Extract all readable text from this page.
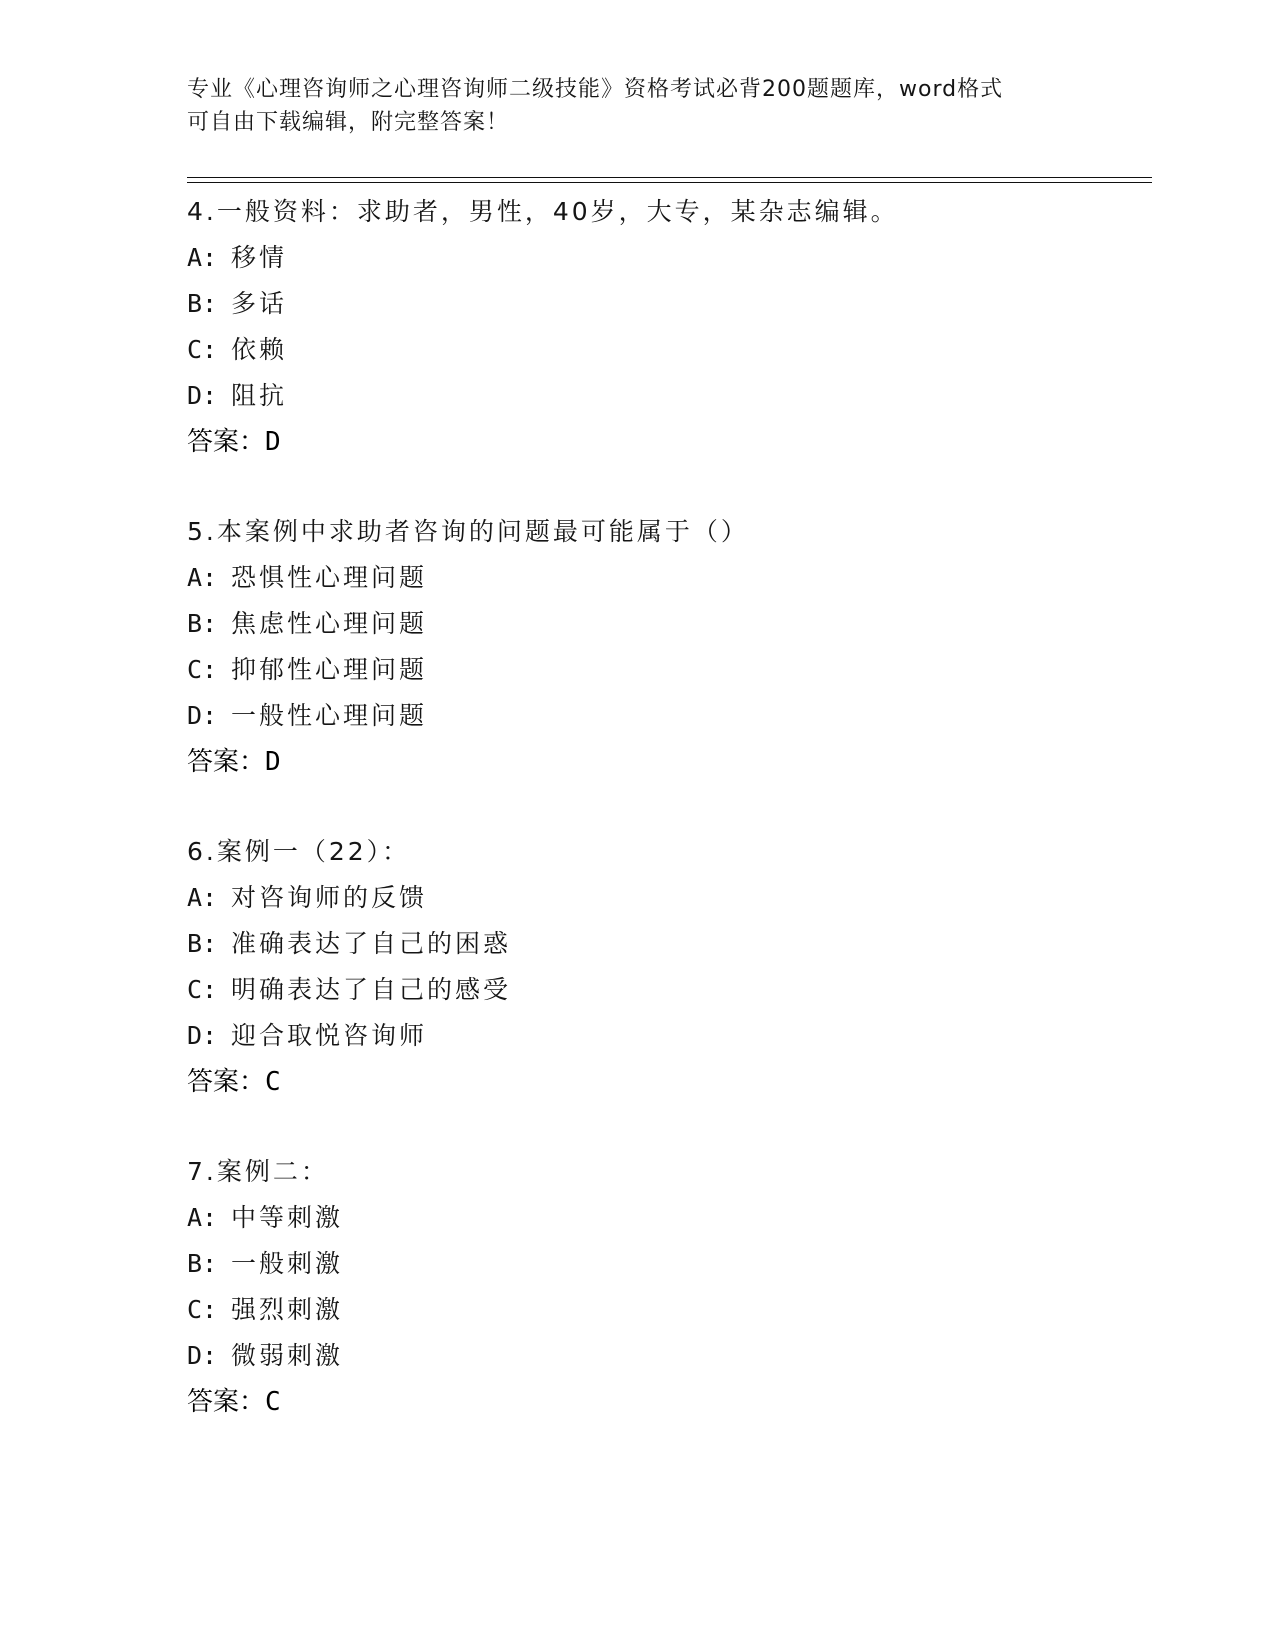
专业《心理咨询师之心理咨询师二级技能》资格考试必背200题题库，word格式
可自由下载编辑，附完整答案！
4.一般资料：求助者，男性，40岁，大专，某杂志编辑。
A: 移情
B: 多话
C: 依赖
D: 阻抗
答案：D
5.本案例中求助者咨询的问题最可能属于（）
A: 恐惧性心理问题
B: 焦虑性心理问题
C: 抑郁性心理问题
D: 一般性心理问题
答案：D
6.案例一（22）：
A: 对咨询师的反馈
B: 准确表达了自己的困惑
C: 明确表达了自己的感受
D: 迎合取悦咨询师
答案：C
7.案例二：
A: 中等刺激
B: 一般刺激
C: 强烈刺激
D: 微弱刺激
答案：C
